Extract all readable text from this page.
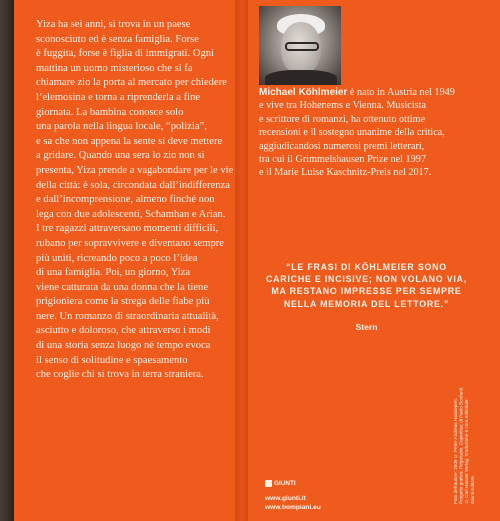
Yiza ha sei anni, si trova in un paese
sconosciuto ed è senza famiglia. Forse
è fuggita, forse è figlia di immigrati. Ogni
mattina un uomo misterioso che si fa
chiamare zio la porta al mercato per chiedere
l’elemosina e torna a riprenderla a fine
giornata. La bambina conosce solo
una parola nella lingua locale, “polizia”,
e sa che non appena la sente si deve mettere
a gridare. Quando una sera lo zio non si
presenta, Yiza prende a vagabondare per le vie
della città: è sola, circondata dall’indifferenza
e dall’incomprensione, almeno finché non
lega con due adolescenti, Schamhan e Arian.
I tre ragazzi attraversano momenti difficili,
rubano per sopravvivere e diventano sempre
più uniti, ricreando poco a poco l’idea
di una famiglia. Poi, un giorno, Yiza
viene catturata da una donna che la tiene
prigioniera come la strega delle fiabe più
nere. Un romanzo di straordinaria attualità,
asciutto e doloroso, che attraverso i modi
di una storia senza luogo né tempo evoca
il senso di solitudine e spaesamento
che coglie chi si trova in terra straniera.

Michael Köhlmeier è nato in Austria nel 1949
e vive tra Hohenems e Vienna. Musicista
e scrittore di romanzi, ha ottenuto ottime
recensioni e il sostegno unanime della critica,
aggiudicandosi numerosi premi letterari,
tra cui il Grimmelshausen Prize nel 1997
e il Marie Luise Kaschnitz-Preis nel 2017.

“LE FRASI DI KÖHLMEIER SONO
CARICHE E INCISIVE; NON VOLANO VIA,
MA RESTANO IMPRESSE PER SEMPRE
NELLA MEMORIA DEL LETTORE.”

Stern
Foto dell’autore: 2009 © Peter-Andreas Hassiepen. Progetto grafico: Polystudio. Copertina: di Paolo Bonfanti. © Carl Hanser Verlag. Traduzione e cura editoriale: Giunti Editore.
GIUNTI
www.giunti.it
www.bompiani.eu
